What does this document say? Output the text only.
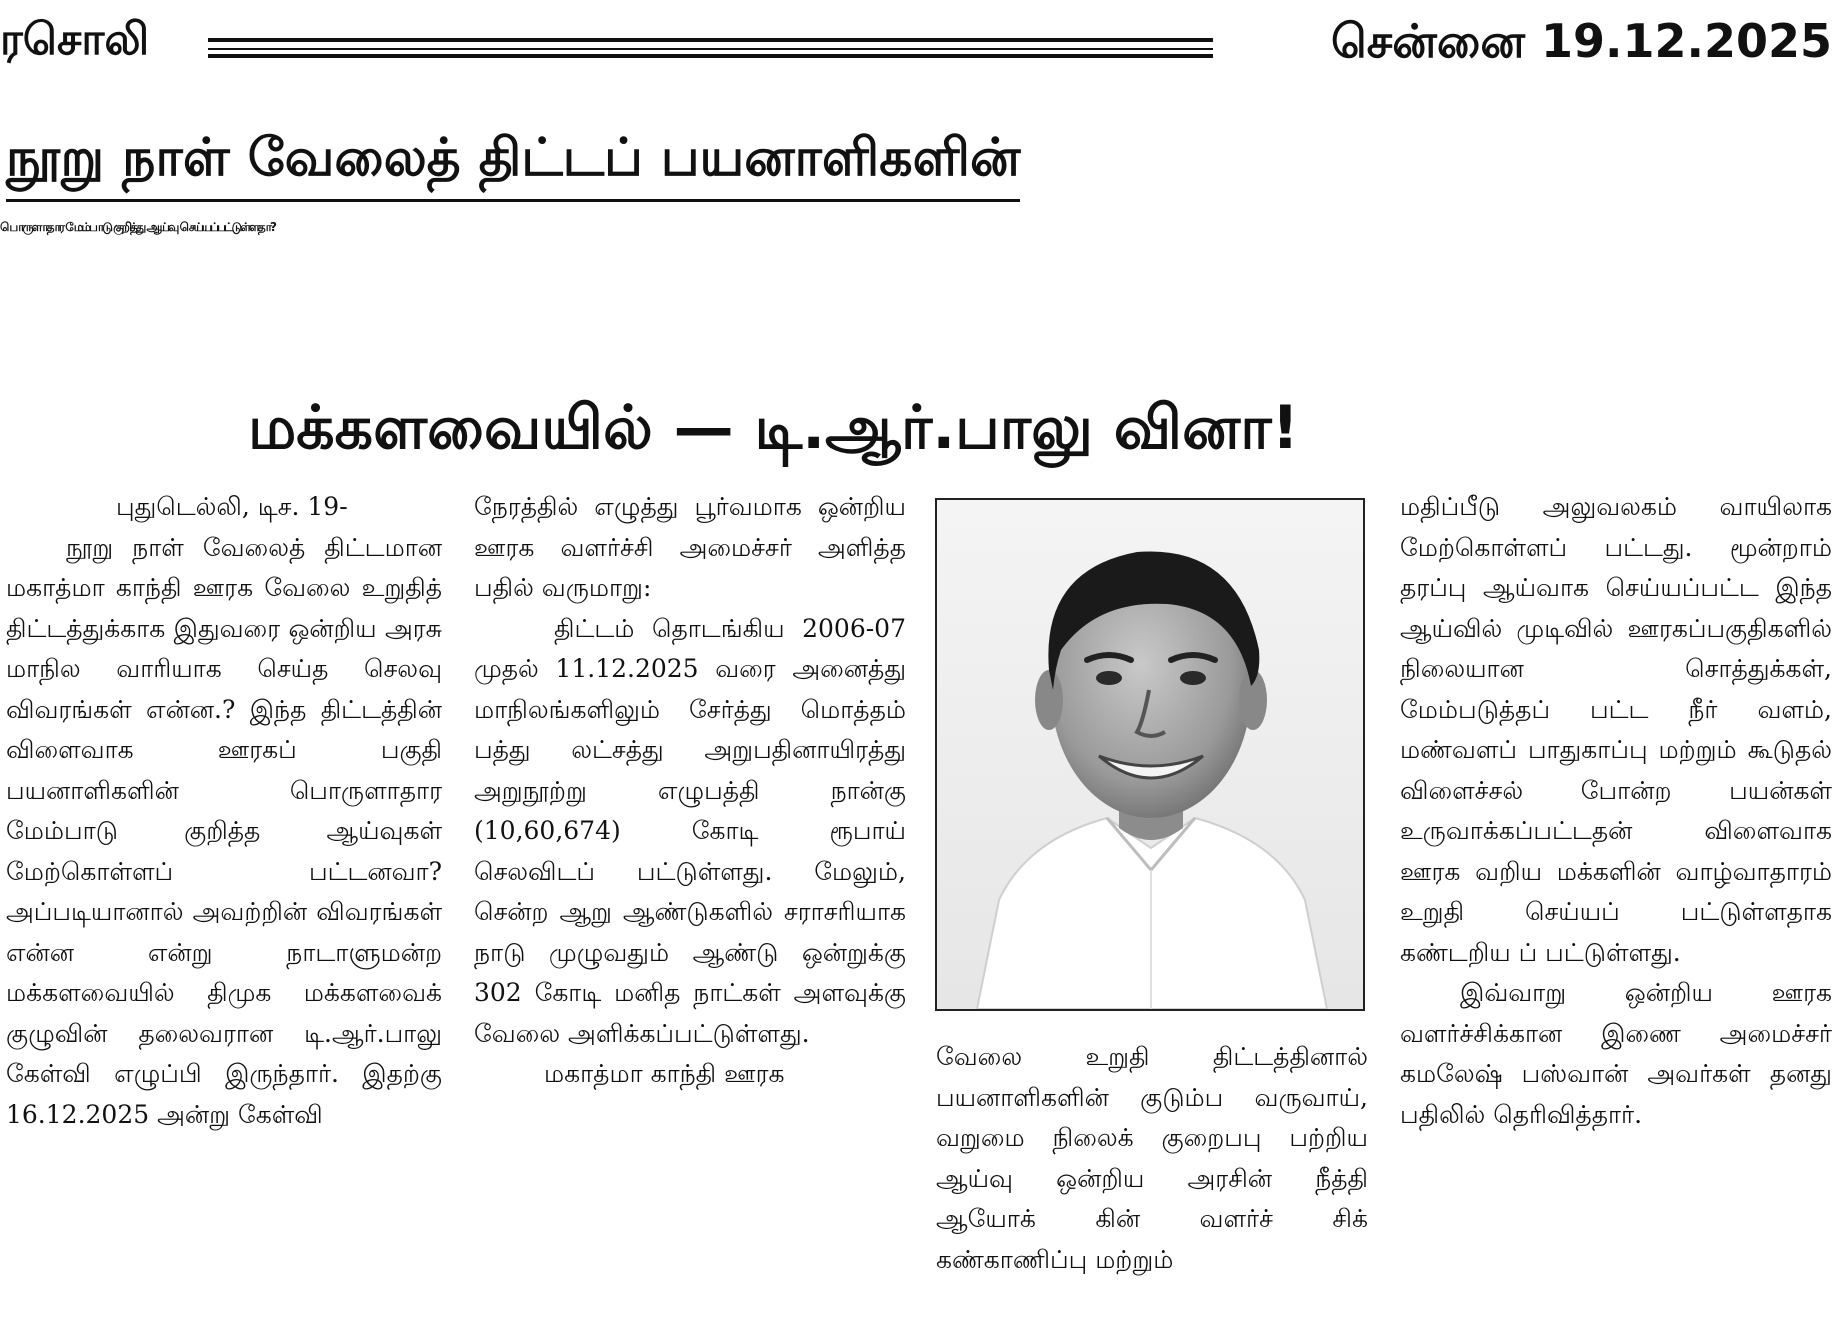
ரசொலி	சென்னை 19.12.2025
நூறு நாள் வேலைத் திட்டப் பயனாளிகளின்
பொருளாதார மேம்பாடு குறித்து ஆய்வு செய்யப்பட்டுள்ளதா?
மக்களவையில் — டி.ஆர்.பாலு வினா!

புதுடெல்லி, டிச. 19-

நூறு நாள் வேலைத் திட்டமான மகாத்மா காந்தி ஊரக வேலை உறுதித் திட்டத்துக்காக இதுவரை ஒன்றிய அரசு மாநில வாரியாக செய்த செலவு விவரங்கள் என்ன.? இந்த திட்டத்தின் விளைவாக ஊரகப் பகுதி பயனாளிகளின் பொருளாதார மேம்பாடு குறித்த ஆய்வுகள் மேற்கொள்ளப் பட்டனவா? அப்படியானால் அவற்றின் விவரங்கள் என்ன என்று நாடாளுமன்ற மக்களவையில் திமுக மக்களவைக் குழுவின் தலைவரான டி.ஆர்.பாலு கேள்வி எழுப்பி இருந்தார். இதற்கு 16.12.2025 அன்று கேள்வி

நேரத்தில் எழுத்து பூர்வமாக ஒன்றிய ஊரக வளர்ச்சி அமைச்சர் அளித்த பதில் வருமாறு:

திட்டம் தொடங்கிய 2006-07 முதல் 11.12.2025 வரை அனைத்து மாநிலங்களிலும் சேர்த்து மொத்தம் பத்து லட்சத்து அறுபதினாயிரத்து அறுநூற்று எழுபத்தி நான்கு (10,60,674) கோடி ரூபாய் செலவிடப் பட்டுள்ளது. மேலும், சென்ற ஆறு ஆண்டுகளில் சராசரியாக நாடு முழுவதும் ஆண்டு ஒன்றுக்கு 302 கோடி மனித நாட்கள் அளவுக்கு வேலை அளிக்கப்பட்டுள்ளது.

மகாத்மா காந்தி ஊரக

வேலை உறுதி திட்டத்தினால் பயனாளிகளின் குடும்ப வருவாய், வறுமை நிலைக் குறைபபு பற்றிய ஆய்வு ஒன்றிய அரசின் நீத்தி ஆயோக் கின் வளர்ச் சிக் கண்காணிப்பு மற்றும்

மதிப்பீடு அலுவலகம் வாயிலாக மேற்கொள்ளப் பட்டது. மூன்றாம் தரப்பு ஆய்வாக செய்யப்பட்ட இந்த ஆய்வில் முடிவில் ஊரகப்பகுதிகளில் நிலையான சொத்துக்கள், மேம்படுத்தப் பட்ட நீர் வளம், மண்வளப் பாதுகாப்பு மற்றும் கூடுதல் விளைச்சல் போன்ற பயன்கள் உருவாக்கப்பட்டதன் விளைவாக ஊரக வறிய மக்களின் வாழ்வாதாரம் உறுதி செய்யப் பட்டுள்ளதாக கண்டறிய ப் பட்டுள்ளது.

இவ்வாறு ஒன்றிய ஊரக வளர்ச்சிக்கான இணை அமைச்சர் கமலேஷ் பஸ்வான் அவர்கள் தனது பதிலில் தெரிவித்தார்.
